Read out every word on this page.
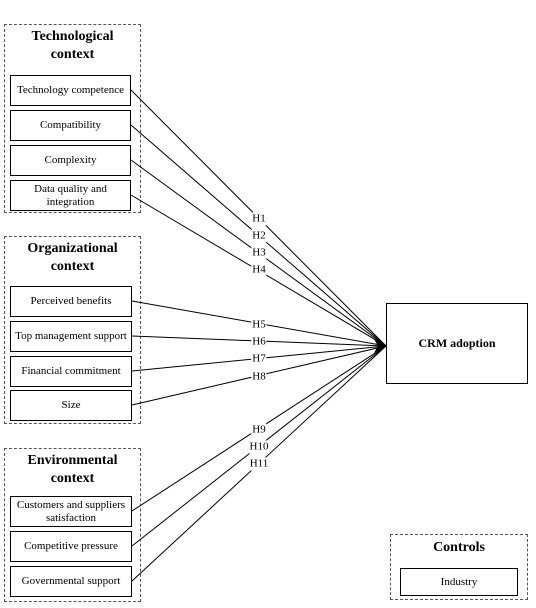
Technological context
Technology competence
Compatibility
Complexity
Data quality and integration
Organizational context
Perceived benefits
Top management support
Financial commitment
Size
Environmental context
Customers and suppliers satisfaction
Competitive pressure
Governmental support
Controls
Industry
CRM adoption
H1
H2
H3
H4
H5
H6
H7
H8
H9
H10
H11
